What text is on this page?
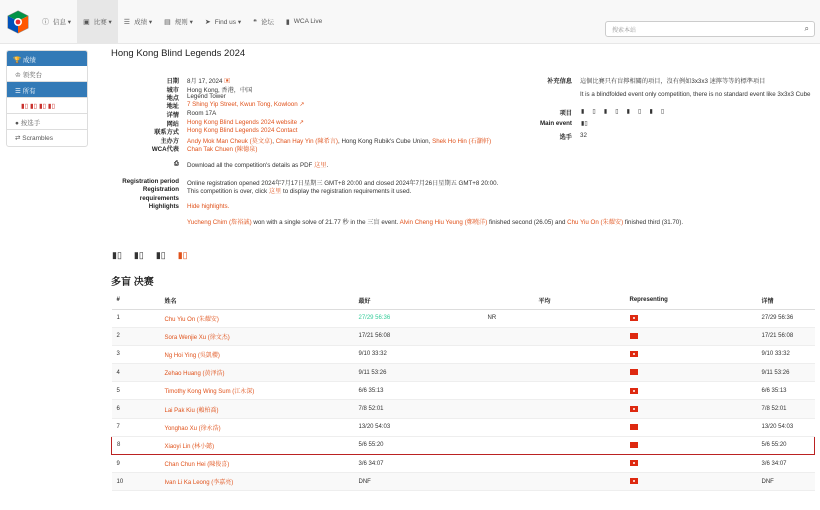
ⓘ 信息 ▾ ▣ 比赛 ▾ ☰ 成绩 ▾ ▤ 规则 ▾ ➤ Find us ▾ ❝ 论坛 ▮ WCA Live
搜索本站	⌕
🏆 成绩
♔ 领奖台
☰ 所有
▮▯ ▮▯ ▮▯ ▮▯
● 按选手
⇄ Scrambles
Hong Kong Blind Legends 2024
日期 8月 17, 2024 ▣
城市 Hong Kong, 香港，中国
地点 Legend Tower
地址 7 Shing Yip Street, Kwun Tong, Kowloon ↗
详情 Room 17A
网站 Hong Kong Blind Legends 2024 website ↗
联系方式 Hong Kong Blind Legends 2024 Contact
主办方 Andy Mok Man Cheuk (莫文卓), Chan Hay Yin (陳希言), Hong Kong Rubik's Cube Union, Shek Ho Hin (石灝軒)
WCA代表 Chan Tak Chuen (陳德泉)
⎙ Download all the competition's details as PDF 这里.
补充信息 這個比賽只有盲擰相關的項目，沒有例如3x3x3 速擰等等的標準項目
It is a blindfolded event only competition, there is no standard event like 3x3x3 Cube
项目 ▮▯▮▯▮▯▮▯
Main event ▮▯
选手 32
Registration period Online registration opened 2024年7月17日星期三 GMT+8 20:00 and closed 2024年7月26日星期五 GMT+8 20:00.
Registration requirements
This competition is over, click 这里 to display the registration requirements it used.
Highlights Hide highlights.
Yucheng Chim (詹裕誠) won with a single solve of 21.77 秒 in the 三盲 event. Alvin Cheng Hiu Yeung (鄭曉洋) finished second (26.05) and Chu Yiu On (朱耀安) finished third (31.70).
▮▯ ▮▯ ▮▯ ▮▯
多盲 决赛
#	姓名	最好		平均	Representing	详情
1	Chu Yiu On (朱耀安)	27/29 56:36	NR			27/29 56:36
2	Sora Wenjie Xu (徐文杰)	17/21 56:08				17/21 56:08
3	Ng Hoi Ying (吳凱櫻)	9/10 33:32				9/10 33:32
4	Zehao Huang (黄泽浩)	9/11 53:26				9/11 53:26
5	Timothy Kong Wing Sum (江永深)	6/6 35:13				6/6 35:13
6	Lai Pak Kiu (賴柏喬)	7/8 52:01				7/8 52:01
7	Yonghao Xu (徐永浩)	13/20 54:03				13/20 54:03
8	Xiaoyi Lin (林小懿)	5/6 55:20				5/6 55:20
9	Chan Chun Hei (陳俊喜)	3/6 34:07				3/6 34:07
10	Ivan Li Ka Leong (李嘉亮)	DNF				DNF
